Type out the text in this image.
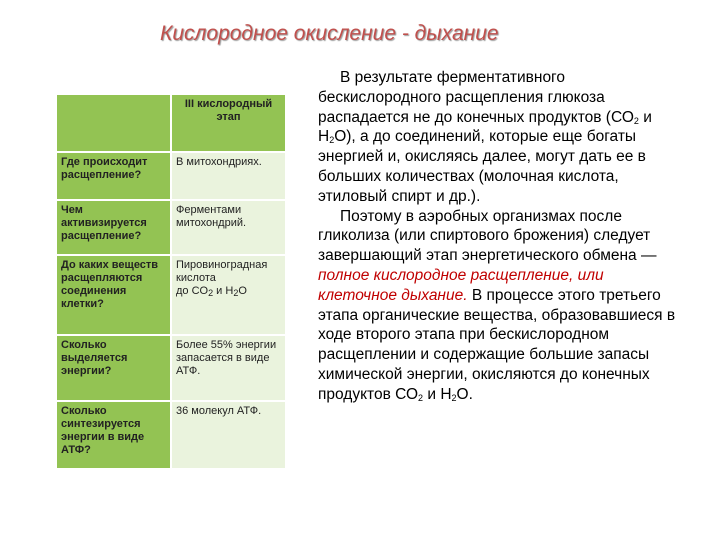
Кислородное окисление - дыхание
	III кислородный этап
Где происходит расщепление?	В митохондриях.
Чем активизируется расщепление?	Ферментами митохондрий.
До каких веществ расщепляются соединения клетки?	Пировиноградная кислота
до $CO_2$ и $H_2O$
Сколько выделяется энергии?	Более 55% энергии запасается в виде АТФ.
Сколько синтезируется энергии в виде АТФ?	36 молекул АТФ.

В результате ферментативного бескислородного расщепления глюкоза распадается не до конечных продуктов ($СО_2$ и $Н_2О$), а до соединений, которые еще богаты энергией и, окисляясь далее, могут дать ее в больших количествах (молочная кислота, этиловый спирт и др.).

Поэтому в аэробных организмах после гликолиза (или спиртового брожения) следует завершающий этап энергетического обмена — полное кислородное расщепление, или клеточное дыхание. В процессе этого третьего этапа органические вещества, образовавшиеся в ходе второго этапа при бескислородном расщеплении и содержащие большие запасы химической энергии, окисляются до конечных продуктов $СО_2$ и $Н_2О$.
